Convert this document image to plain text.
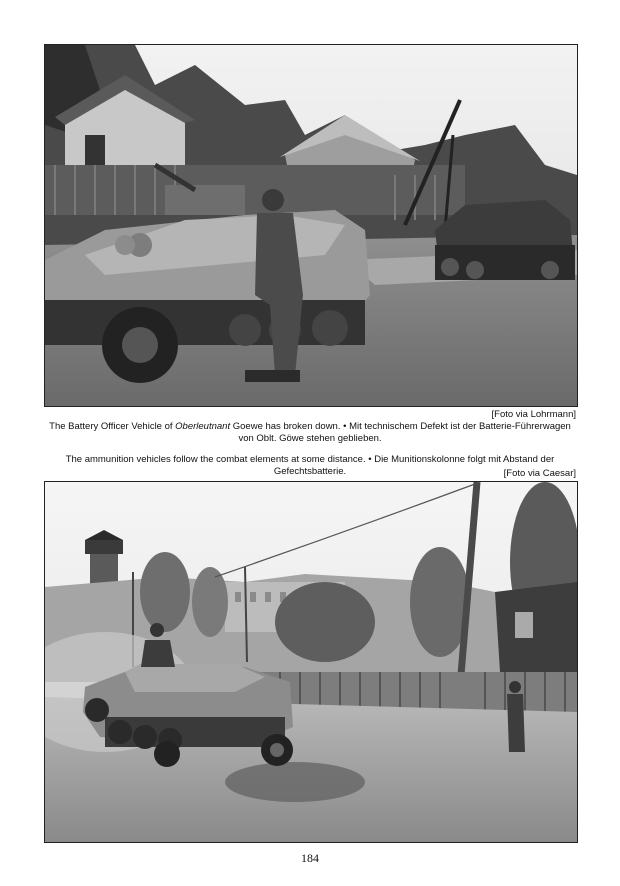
[Foto via Lohrmann]
The Battery Officer Vehicle of Oberleutnant Goewe has broken down. • Mit technischem Defekt ist der Batterie-Führerwagen von Oblt. Göwe stehen geblieben.
The ammunition vehicles follow the combat elements at some distance. • Die Munitionskolonne folgt mit Abstand der Gefechtsbatterie.	[Foto via Caesar]
184
